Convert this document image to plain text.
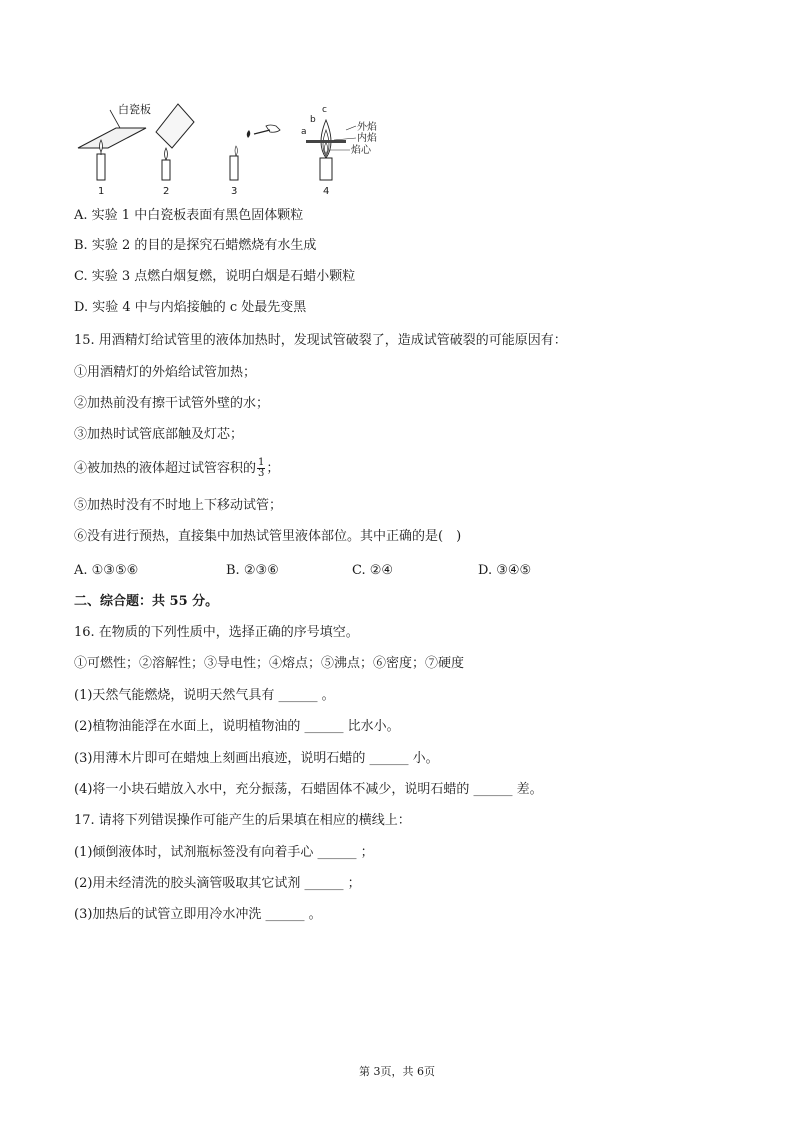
白瓷板
1	2	3
外焰
内焰
焰心
a
b
c
4
A. 实验 1 中白瓷板表面有黑色固体颗粒
B. 实验 2 的目的是探究石蜡燃烧有水生成
C. 实验 3 点燃白烟复燃，说明白烟是石蜡小颗粒
D. 实验 4 中与内焰接触的 c 处最先变黑
15. 用酒精灯给试管里的液体加热时，发现试管破裂了，造成试管破裂的可能原因有：
①用酒精灯的外焰给试管加热；
②加热前没有擦干试管外壁的水；
③加热时试管底部触及灯芯；
④被加热的液体超过试管容积的 $\frac{1}{3}$ ；
⑤加热时没有不时地上下移动试管；
⑥没有进行预热，直接集中加热试管里液体部位。其中正确的是(　)
A. ①③⑤⑥	B. ②③⑥	C. ②④	D. ③④⑤
二、综合题：共 55 分。
16. 在物质的下列性质中，选择正确的序号填空。
①可燃性；②溶解性；③导电性；④熔点；⑤沸点；⑥密度；⑦硬度
(1)天然气能燃烧，说明天然气具有 ______ 。
(2)植物油能浮在水面上，说明植物油的 ______ 比水小。
(3)用薄木片即可在蜡烛上刻画出痕迹，说明石蜡的 ______ 小。
(4)将一小块石蜡放入水中，充分振荡，石蜡固体不减少，说明石蜡的 ______ 差。
17. 请将下列错误操作可能产生的后果填在相应的横线上：
(1)倾倒液体时，试剂瓶标签没有向着手心 ______ ；
(2)用未经清洗的胶头滴管吸取其它试剂 ______ ；
(3)加热后的试管立即用冷水冲洗 ______ 。
第 3页，共 6页
